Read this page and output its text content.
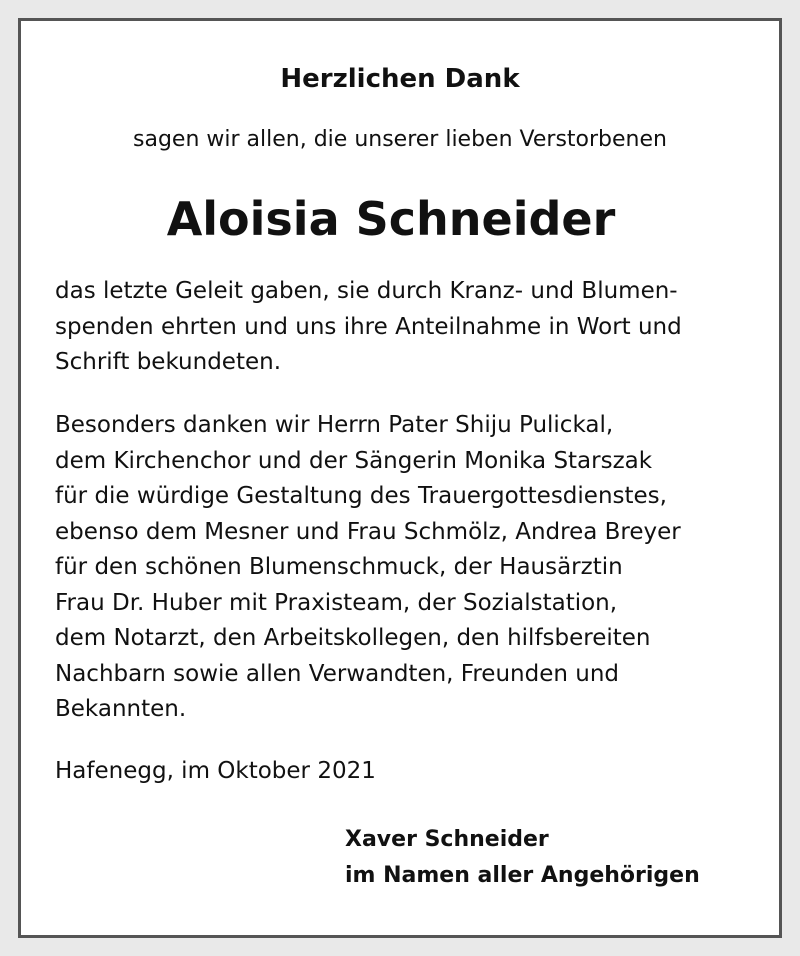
Herzlichen Dank
sagen wir allen, die unserer lieben Verstorbenen
Aloisia Schneider

das letzte Geleit gaben, sie durch Kranz- und Blumen-
spenden ehrten und uns ihre Anteilnahme in Wort und
Schrift bekundeten.

Besonders danken wir Herrn Pater Shiju Pulickal,
dem Kirchenchor und der Sängerin Monika Starszak
für die würdige Gestaltung des Trauergottesdienstes,
ebenso dem Mesner und Frau Schmölz, Andrea Breyer
für den schönen Blumenschmuck, der Hausärztin
Frau Dr. Huber mit Praxisteam, der Sozialstation,
dem Notarzt, den Arbeitskollegen, den hilfsbereiten
Nachbarn sowie allen Verwandten, Freunden und
Bekannten.

Hafenegg, im Oktober 2021
Xaver Schneider
im Namen aller Angehörigen
